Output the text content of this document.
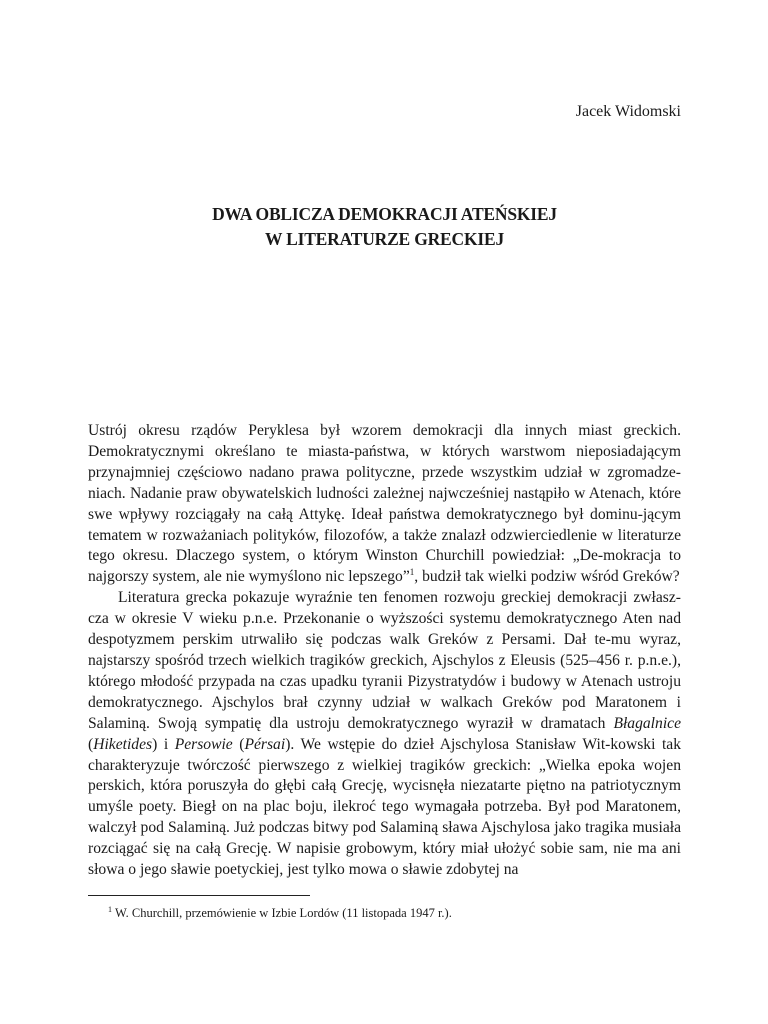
Jacek Widomski
DWA OBLICZA DEMOKRACJI ATEŃSKIEJ
W LITERATURZE GRECKIEJ

Ustrój okresu rządów Peryklesa był wzorem demokracji dla innych miast greckich. Demokratycznymi określano te miasta-państwa, w których warstwom nieposiadającym przynajmniej częściowo nadano prawa polityczne, przede wszystkim udział w zgromadze-niach. Nadanie praw obywatelskich ludności zależnej najwcześniej nastąpiło w Atenach, które swe wpływy rozciągały na całą Attykę. Ideał państwa demokratycznego był dominu-jącym tematem w rozważaniach polityków, filozofów, a także znalazł odzwierciedlenie w literaturze tego okresu. Dlaczego system, o którym Winston Churchill powiedział: „De-mokracja to najgorszy system, ale nie wymyślono nic lepszego”$^1$, budził tak wielki podziw wśród Greków?

Literatura grecka pokazuje wyraźnie ten fenomen rozwoju greckiej demokracji zwłasz-cza w okresie V wieku p.n.e. Przekonanie o wyższości systemu demokratycznego Aten nad despotyzmem perskim utrwaliło się podczas walk Greków z Persami. Dał te-mu wyraz, najstarszy spośród trzech wielkich tragików greckich, Ajschylos z Eleusis (525–456 r. p.n.e.), którego młodość przypada na czas upadku tyranii Pizystratydów i budowy w Atenach ustroju demokratycznego. Ajschylos brał czynny udział w walkach Greków pod Maratonem i Salaminą. Swoją sympatię dla ustroju demokratycznego wyraził w dramatach Błagalnice (Hiketides) i Persowie (Pérsai). We wstępie do dzieł Ajschylosa Stanisław Wit-kowski tak charakteryzuje twórczość pierwszego z wielkiej tragików greckich: „Wielka epoka wojen perskich, która poruszyła do głębi całą Grecję, wycisnęła niezatarte piętno na patriotycznym umyśle poety. Biegł on na plac boju, ilekroć tego wymagała potrzeba. Był pod Maratonem, walczył pod Salaminą. Już podczas bitwy pod Salaminą sława Ajschylosa jako tragika musiała rozciągać się na całą Grecję. W napisie grobowym, który miał ułożyć sobie sam, nie ma ani słowa o jego sławie poetyckiej, jest tylko mowa o sławie zdobytej na

$^1$ W. Churchill, przemówienie w Izbie Lordów (11 listopada 1947 r.).
